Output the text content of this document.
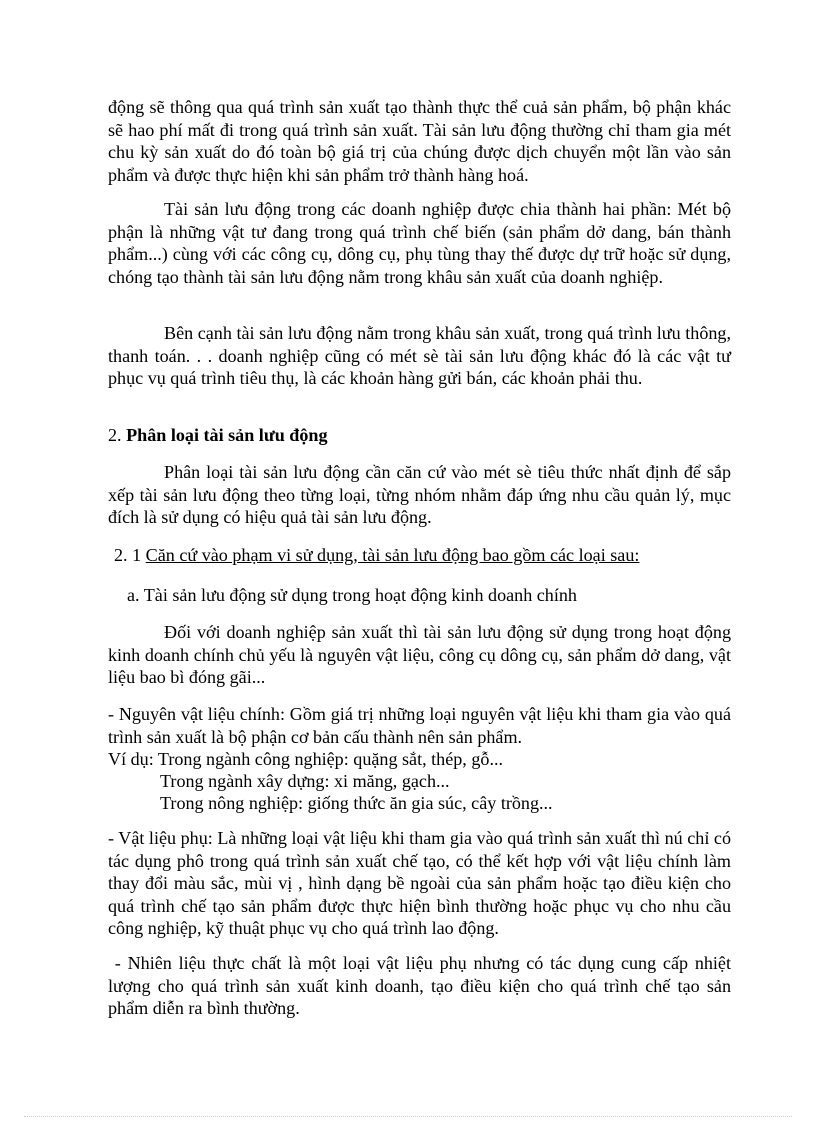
động sẽ thông qua quá trình sản xuất tạo thành thực thể cuả sản phẩm, bộ phận khác sẽ hao phí mất đi trong quá trình sản xuất. Tài sản lưu động thường chỉ tham gia mét chu kỳ sản xuất do đó toàn bộ giá trị của chúng được dịch chuyển một lần vào sản phẩm và được thực hiện khi sản phẩm trở thành hàng hoá.

Tài sản lưu động trong các doanh nghiệp được chia thành hai phần: Mét bộ phận là những vật tư đang trong quá trình chế biến (sản phẩm dở dang, bán thành phẩm...) cùng với các công cụ, dông cụ, phụ tùng thay thế được dự trữ hoặc sử dụng, chóng tạo thành tài sản lưu động nằm trong khâu sản xuất của doanh nghiệp.

Bên cạnh tài sản lưu động nằm trong khâu sản xuất, trong quá trình lưu thông, thanh toán. . . doanh nghiệp cũng có mét sè tài sản lưu động khác đó là các vật tư phục vụ quá trình tiêu thụ, là các khoản hàng gửi bán, các khoản phải thu.

2. Phân loại tài sản lưu động

Phân loại tài sản lưu động cần căn cứ vào mét sè tiêu thức nhất định để sắp xếp tài sản lưu động theo từng loại, từng nhóm nhằm đáp ứng nhu cầu quản lý, mục đích là sử dụng có hiệu quả tài sản lưu động.

2. 1 Căn cứ vào phạm vi sử dụng, tài sản lưu động bao gồm các loại sau:
a. Tài sản lưu động sử dụng trong hoạt động kinh doanh chính

Đối với doanh nghiệp sản xuất thì tài sản lưu động sử dụng trong hoạt động kinh doanh chính chủ yếu là nguyên vật liệu, công cụ dông cụ, sản phẩm dở dang, vật liệu bao bì đóng gãi...

- Nguyên vật liệu chính: Gồm giá trị những loại nguyên vật liệu khi tham gia vào quá trình sản xuất là bộ phận cơ bản cấu thành nên sản phẩm.

Ví dụ: Trong ngành công nghiệp: quặng sắt, thép, gỗ...
Trong ngành xây dựng: xi măng, gạch...
Trong nông nghiệp: giống thức ăn gia súc, cây trồng...

- Vật liệu phụ: Là những loại vật liệu khi tham gia vào quá trình sản xuất thì nú chỉ có tác dụng phô trong quá trình sản xuất chế tạo, có thể kết hợp với vật liệu chính làm thay đổi màu sắc, mùi vị , hình dạng bề ngoài của sản phẩm hoặc tạo điều kiện cho quá trình chế tạo sản phẩm được thực hiện bình thường hoặc phục vụ cho nhu cầu công nghiệp, kỹ thuật phục vụ cho quá trình lao động.

- Nhiên liệu thực chất là một loại vật liệu phụ nhưng có tác dụng cung cấp nhiệt lượng cho quá trình sản xuất kinh doanh, tạo điều kiện cho quá trình chế tạo sản phẩm diễn ra bình thường.
